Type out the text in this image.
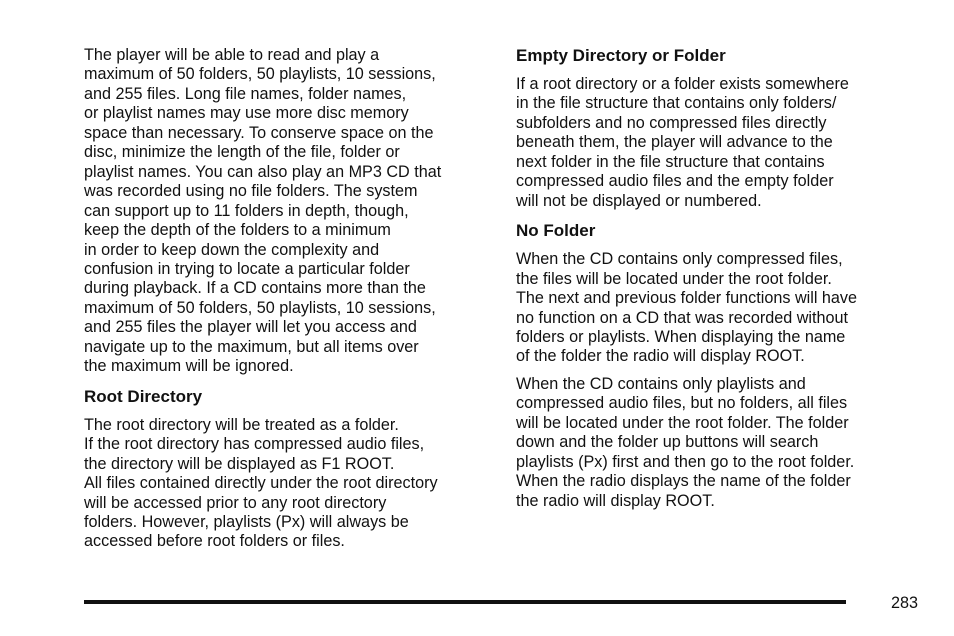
The player will be able to read and play a
maximum of 50 folders, 50 playlists, 10 sessions,
and 255 files. Long file names, folder names,
or playlist names may use more disc memory
space than necessary. To conserve space on the
disc, minimize the length of the file, folder or
playlist names. You can also play an MP3 CD that
was recorded using no file folders. The system
can support up to 11 folders in depth, though,
keep the depth of the folders to a minimum
in order to keep down the complexity and
confusion in trying to locate a particular folder
during playback. If a CD contains more than the
maximum of 50 folders, 50 playlists, 10 sessions,
and 255 files the player will let you access and
navigate up to the maximum, but all items over
the maximum will be ignored.

Root Directory

The root directory will be treated as a folder.
If the root directory has compressed audio files,
the directory will be displayed as F1 ROOT.
All files contained directly under the root directory
will be accessed prior to any root directory
folders. However, playlists (Px) will always be
accessed before root folders or files.

Empty Directory or Folder

If a root directory or a folder exists somewhere
in the file structure that contains only folders/
subfolders and no compressed files directly
beneath them, the player will advance to the
next folder in the file structure that contains
compressed audio files and the empty folder
will not be displayed or numbered.

No Folder

When the CD contains only compressed files,
the files will be located under the root folder.
The next and previous folder functions will have
no function on a CD that was recorded without
folders or playlists. When displaying the name
of the folder the radio will display ROOT.

When the CD contains only playlists and
compressed audio files, but no folders, all files
will be located under the root folder. The folder
down and the folder up buttons will search
playlists (Px) first and then go to the root folder.
When the radio displays the name of the folder
the radio will display ROOT.

283
